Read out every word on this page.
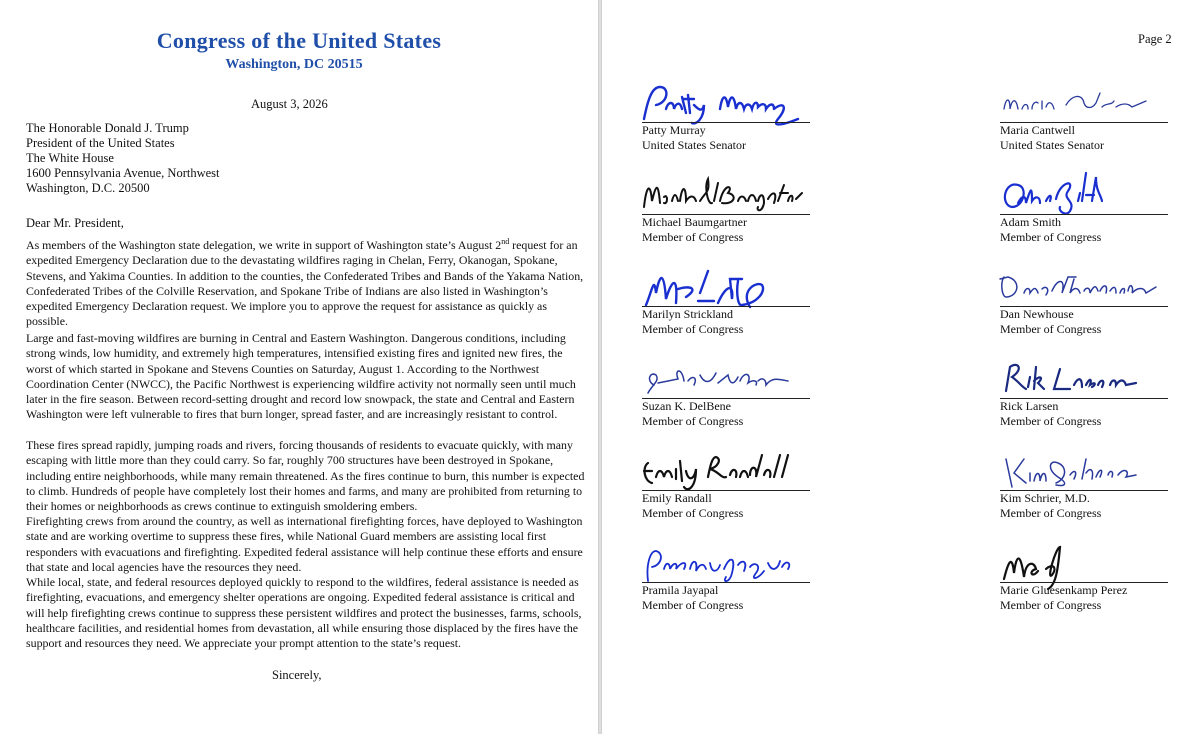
Congress of the United States
Washington, DC 20515
August 3, 2026
The Honorable Donald J. Trump
President of the United States
The White House
1600 Pennsylvania Avenue, Northwest
Washington, D.C. 20500
Dear Mr. President,
As members of the Washington state delegation, we write in support of Washington state’s August 2nd request for an expedited Emergency Declaration due to the devastating wildfires raging in Chelan, Ferry, Okanogan, Spokane, Stevens, and Yakima Counties. In addition to the counties, the Confederated Tribes and Bands of the Yakama Nation, Confederated Tribes of the Colville Reservation, and Spokane Tribe of Indians are also listed in Washington’s expedited Emergency Declaration request. We implore you to approve the request for assistance as quickly as possible.
Large and fast-moving wildfires are burning in Central and Eastern Washington. Dangerous conditions, including strong winds, low humidity, and extremely high temperatures, intensified existing fires and ignited new fires, the worst of which started in Spokane and Stevens Counties on Saturday, August 1. According to the Northwest Coordination Center (NWCC), the Pacific Northwest is experiencing wildfire activity not normally seen until much later in the fire season. Between record-setting drought and record low snowpack, the state and Central and Eastern Washington were left vulnerable to fires that burn longer, spread faster, and are increasingly resistant to control.
These fires spread rapidly, jumping roads and rivers, forcing thousands of residents to evacuate quickly, with many escaping with little more than they could carry. So far, roughly 700 structures have been destroyed in Spokane, including entire neighborhoods, while many remain threatened. As the fires continue to burn, this number is expected to climb. Hundreds of people have completely lost their homes and farms, and many are prohibited from returning to their homes or neighborhoods as crews continue to extinguish smoldering embers.
Firefighting crews from around the country, as well as international firefighting forces, have deployed to Washington state and are working overtime to suppress these fires, while National Guard members are assisting local first responders with evacuations and firefighting. Expedited federal assistance will help continue these efforts and ensure that state and local agencies have the resources they need.
While local, state, and federal resources deployed quickly to respond to the wildfires, federal assistance is needed as firefighting, evacuations, and emergency shelter operations are ongoing. Expedited federal assistance is critical and will help firefighting crews continue to suppress these persistent wildfires and protect the businesses, farms, schools, healthcare facilities, and residential homes from devastation, all while ensuring those displaced by the fires have the support and resources they need. We appreciate your prompt attention to the state’s request.
Sincerely,
Page 2
Patty Murray
United States Senator
Michael Baumgartner
Member of Congress
Marilyn Strickland
Member of Congress
Suzan K. DelBene
Member of Congress
Emily Randall
Member of Congress
Pramila Jayapal
Member of Congress
Maria Cantwell
United States Senator
Adam Smith
Member of Congress
Dan Newhouse
Member of Congress
Rick Larsen
Member of Congress
Kim Schrier, M.D.
Member of Congress
Marie Gluesenkamp Perez
Member of Congress
